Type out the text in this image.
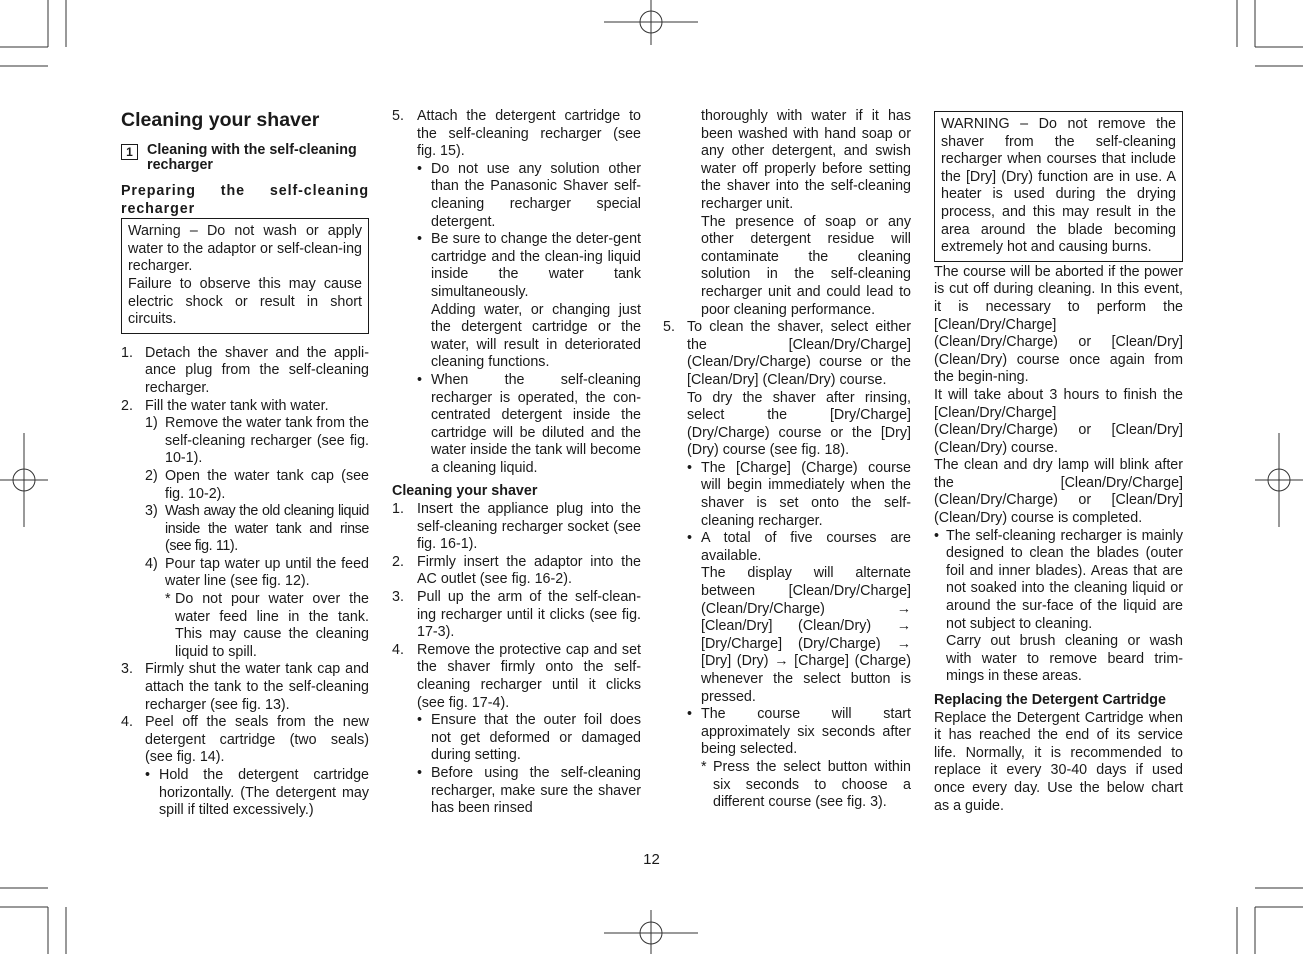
Cleaning your shaver
1 Cleaning with the self-cleaning recharger

Preparing the self-cleaning recharger

Warning – Do not wash or apply water to the adaptor or self-clean-ing recharger.

Failure to observe this may cause electric shock or result in short circuits.

1. Detach the shaver and the appli-ance plug from the self-cleaning recharger.
2. Fill the water tank with water.
1) Remove the water tank from the self-cleaning recharger (see fig. 10-1).
2) Open the water tank cap (see fig. 10-2).
3) Wash away the old cleaning liquid inside the water tank and rinse (see fig. 11).
4) Pour tap water up until the feed water line (see fig. 12).
* Do not pour water over the water feed line in the tank. This may cause the cleaning liquid to spill.
3. Firmly shut the water tank cap and attach the tank to the self-cleaning recharger (see fig. 13).
4. Peel off the seals from the new detergent cartridge (two seals) (see fig. 14).
• Hold the detergent cartridge horizontally. (The detergent may spill if tilted excessively.)
5. Attach the detergent cartridge to the self-cleaning recharger (see fig. 15).
• Do not use any solution other than the Panasonic Shaver self-cleaning recharger special detergent.
• Be sure to change the deter-gent cartridge and the clean-ing liquid inside the water tank simultaneously.

Adding water, or changing just the detergent cartridge or the water, will result in deteriorated cleaning functions.

• When the self-cleaning recharger is operated, the con-centrated detergent inside the cartridge will be diluted and the water inside the tank will become a cleaning liquid.

Cleaning your shaver

1. Insert the appliance plug into the self-cleaning recharger socket (see fig. 16-1).
2. Firmly insert the adaptor into the AC outlet (see fig. 16-2).
3. Pull up the arm of the self-clean-ing recharger until it clicks (see fig. 17-3).
4. Remove the protective cap and set the shaver firmly onto the self-cleaning recharger until it clicks (see fig. 17-4).
• Ensure that the outer foil does not get deformed or damaged during setting.
• Before using the self-cleaning recharger, make sure the shaver has been rinsed

thoroughly with water if it has been washed with hand soap or any other detergent, and swish water off properly before setting the shaver into the self-cleaning recharger unit.

The presence of soap or any other detergent residue will contaminate the cleaning solution in the self-cleaning recharger unit and could lead to poor cleaning performance.

5. To clean the shaver, select either the [Clean/Dry/Charge] (Clean/Dry/Charge) course or the [Clean/Dry] (Clean/Dry) course.

To dry the shaver after rinsing, select the [Dry/Charge] (Dry/Charge) course or the [Dry] (Dry) course (see fig. 18).

• The [Charge] (Charge) course will begin immediately when the shaver is set onto the self-cleaning recharger.
• A total of five courses are available.

The display will alternate between [Clean/Dry/Charge] (Clean/Dry/Charge) → [Clean/Dry] (Clean/Dry) → [Dry/Charge] (Dry/Charge) → [Dry] (Dry) → [Charge] (Charge) whenever the select button is pressed.

• The course will start approximately six seconds after being selected.
* Press the select button within six seconds to choose a different course (see fig. 3).

WARNING – Do not remove the shaver from the self-cleaning recharger when courses that include the [Dry] (Dry) function are in use. A heater is used during the drying process, and this may result in the area around the blade becoming extremely hot and causing burns.

The course will be aborted if the power is cut off during cleaning. In this event, it is necessary to perform the [Clean/Dry/Charge] (Clean/Dry/Charge) or [Clean/Dry] (Clean/Dry) course once again from the begin-ning.

It will take about 3 hours to finish the [Clean/Dry/Charge] (Clean/Dry/Charge) or [Clean/Dry] (Clean/Dry) course.

The clean and dry lamp will blink after the [Clean/Dry/Charge] (Clean/Dry/Charge) or [Clean/Dry] (Clean/Dry) course is completed.

• The self-cleaning recharger is mainly designed to clean the blades (outer foil and inner blades). Areas that are not soaked into the cleaning liquid or around the sur-face of the liquid are not subject to cleaning.

Carry out brush cleaning or wash with water to remove beard trim-mings in these areas.

Replacing the Detergent Cartridge

Replace the Detergent Cartridge when it has reached the end of its service life. Normally, it is recommended to replace it every 30-40 days if used once every day. Use the below chart as a guide.

12
